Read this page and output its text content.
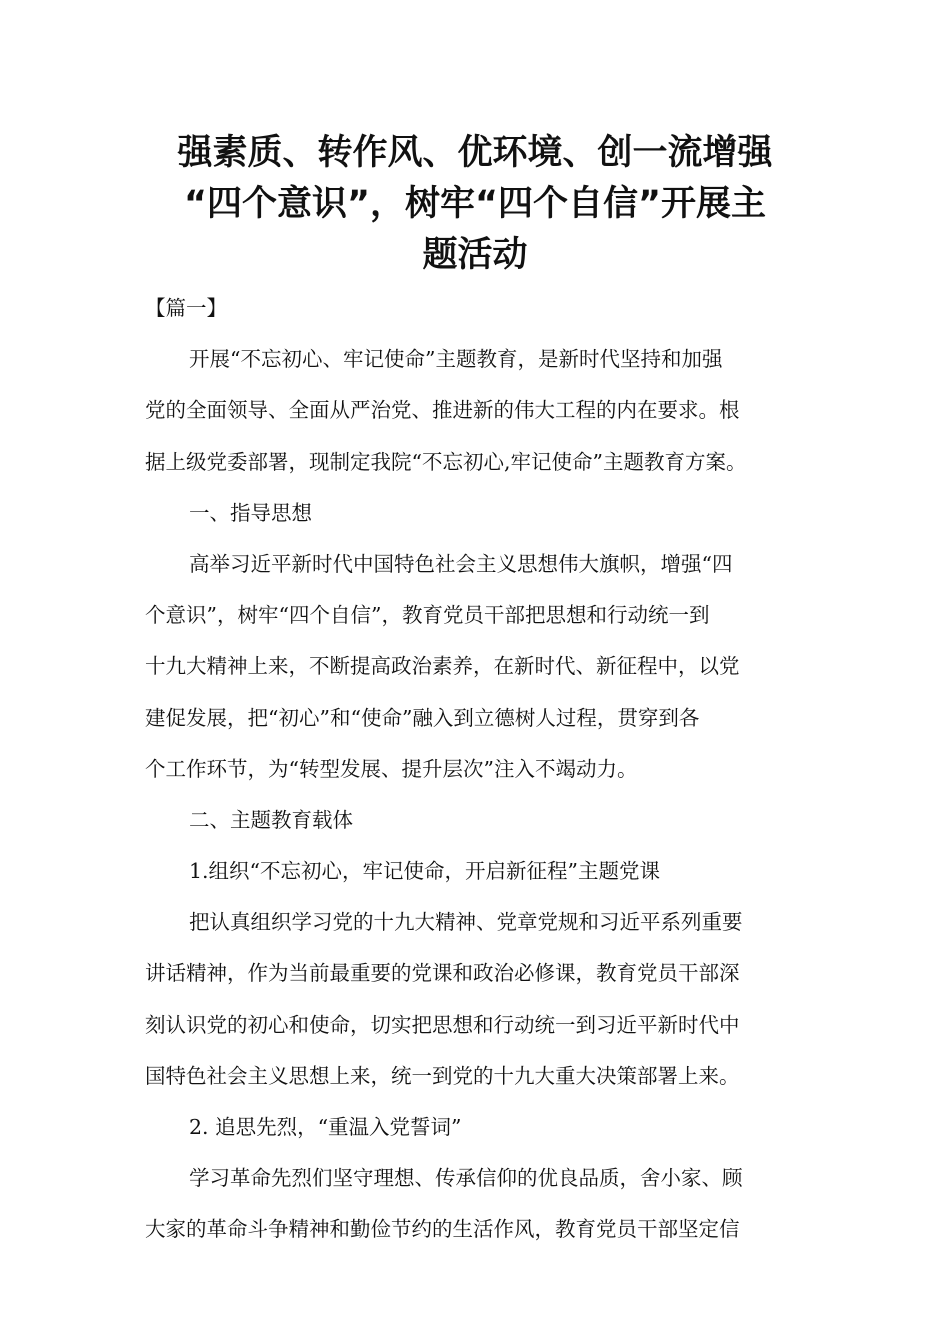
强素质、转作风、优环境、创一流增强
“四个意识”，树牢“四个自信”开展主
题活动
【篇一】
开展“不忘初心、牢记使命”主题教育，是新时代坚持和加强
党的全面领导、全面从严治党、推进新的伟大工程的内在要求。根
据上级党委部署，现制定我院“不忘初心,牢记使命”主题教育方案。
一、指导思想
高举习近平新时代中国特色社会主义思想伟大旗帜，增强“四
个意识”，树牢“四个自信”，教育党员干部把思想和行动统一到
十九大精神上来，不断提高政治素养，在新时代、新征程中，以党
建促发展，把“初心”和“使命”融入到立德树人过程，贯穿到各
个工作环节，为“转型发展、提升层次”注入不竭动力。
二、主题教育载体
1.组织“不忘初心，牢记使命，开启新征程”主题党课
把认真组织学习党的十九大精神、党章党规和习近平系列重要
讲话精神，作为当前最重要的党课和政治必修课，教育党员干部深
刻认识党的初心和使命，切实把思想和行动统一到习近平新时代中
国特色社会主义思想上来，统一到党的十九大重大决策部署上来。
2. 追思先烈，“重温入党誓词”
学习革命先烈们坚守理想、传承信仰的优良品质，舍小家、顾
大家的革命斗争精神和勤俭节约的生活作风，教育党员干部坚定信
